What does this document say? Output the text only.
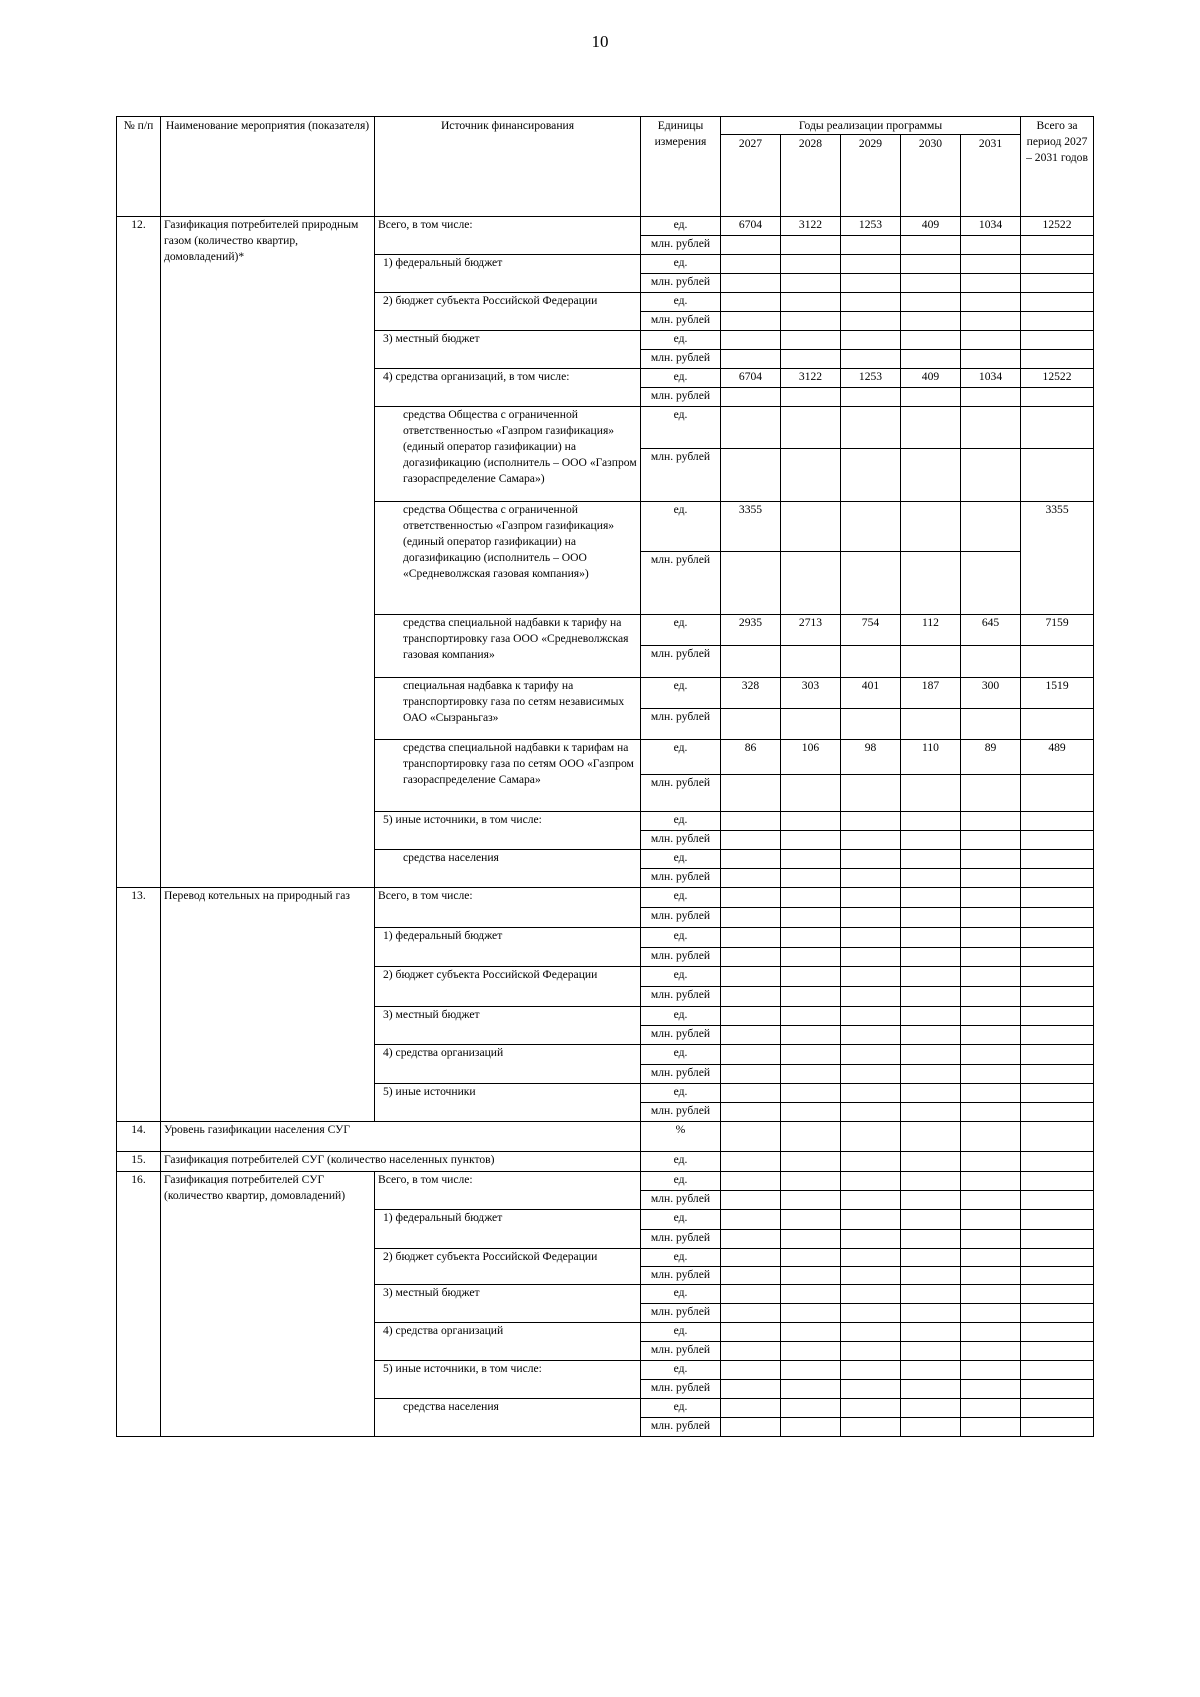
10
№ п/п	Наименование мероприятия (показателя)	Источник финансирования	Единицы измерения	Годы реализации программы					Всего за период 2027 – 2031 годов
				2027	2028	2029	2030	2031	
12.	Газификация потребителей природным газом (количество квартир, домовладений)*	Всего, в том числе:	ед.	6704	3122	1253	409	1034	12522
			млн. рублей						
		1) федеральный бюджет	ед.						
			млн. рублей						
		2) бюджет субъекта Российской Федерации	ед.						
			млн. рублей						
		3) местный бюджет	ед.						
			млн. рублей						
		4) средства организаций, в том числе:	ед.	6704	3122	1253	409	1034	12522
			млн. рублей						
		средства Общества с ограниченной ответственностью «Газпром газификация» (единый оператор газификации) на догазификацию (исполнитель – ООО «Газпром газораспределение Самара»)	ед.						
			млн. рублей						
		средства Общества с ограниченной ответственностью «Газпром газификация» (единый оператор газификации) на догазификацию (исполнитель – ООО «Средневолжская газовая компания»)	ед.	3355					3355
			млн. рублей						
		средства специальной надбавки к тарифу на транспортировку газа ООО «Средневолжская газовая компания»	ед.	2935	2713	754	112	645	7159
			млн. рублей						
		специальная надбавка к тарифу на транспортировку газа по сетям независимых ОАО «Сызраньгаз»	ед.	328	303	401	187	300	1519
			млн. рублей						
		средства специальной надбавки к тарифам на транспортировку газа по сетям ООО «Газпром газораспределение Самара»	ед.	86	106	98	110	89	489
			млн. рублей						
		5) иные источники, в том числе:	ед.						
			млн. рублей						
		средства населения	ед.						
			млн. рублей						
13.	Перевод котельных на природный газ	Всего, в том числе:	ед.						
			млн. рублей						
		1) федеральный бюджет	ед.						
			млн. рублей						
		2) бюджет субъекта Российской Федерации	ед.						
			млн. рублей						
		3) местный бюджет	ед.						
			млн. рублей						
		4) средства организаций	ед.						
			млн. рублей						
		5) иные источники	ед.						
			млн. рублей						
14.	Уровень газификации населения СУГ		%						
15.	Газификация потребителей СУГ (количество населенных пунктов)		ед.						
16.	Газификация потребителей СУГ (количество квартир, домовладений)	Всего, в том числе:	ед.						
			млн. рублей						
		1) федеральный бюджет	ед.						
			млн. рублей						
		2) бюджет субъекта Российской Федерации	ед.						
			млн. рублей						
		3) местный бюджет	ед.						
			млн. рублей						
		4) средства организаций	ед.						
			млн. рублей						
		5) иные источники, в том числе:	ед.						
			млн. рублей						
		средства населения	ед.						
			млн. рублей						
